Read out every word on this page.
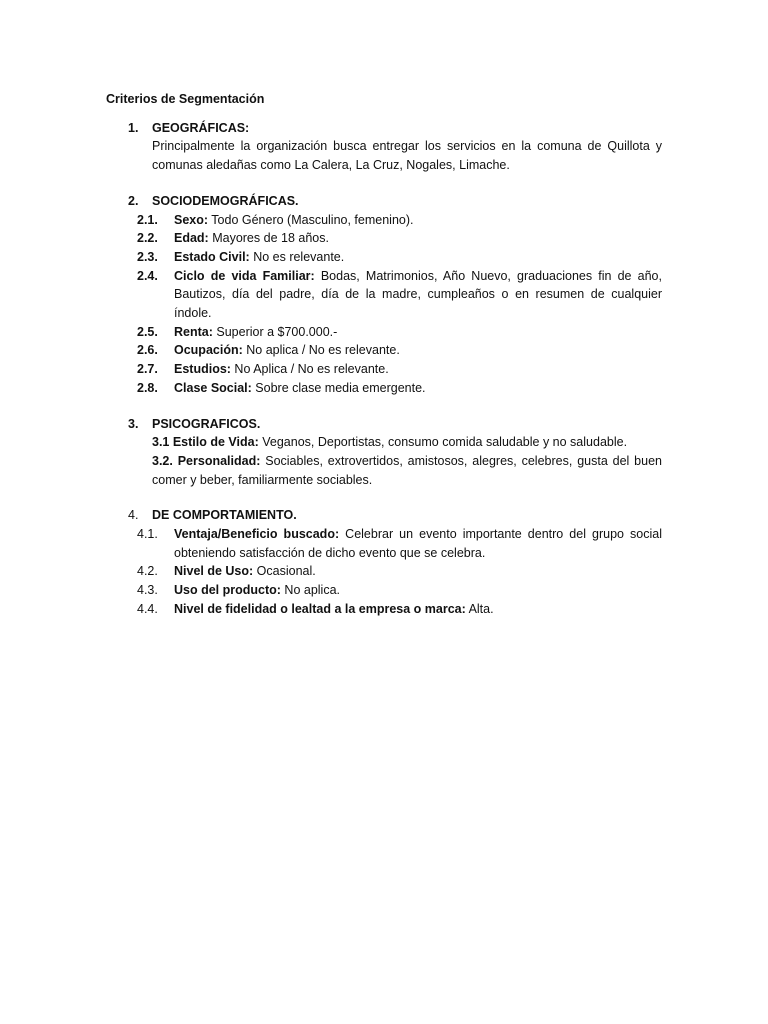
Criterios de Segmentación
1.	GEOGRÁFICAS:
Principalmente la organización busca entregar los servicios en la comuna de Quillota y comunas aledañas como La Calera, La Cruz, Nogales, Limache.
2.	SOCIODEMOGRÁFICAS.
2.1.	Sexo: Todo Género (Masculino, femenino).
2.2.	Edad: Mayores de 18 años.
2.3.	Estado Civil: No es relevante.
2.4.	Ciclo de vida Familiar: Bodas, Matrimonios, Año Nuevo, graduaciones fin de año, Bautizos, día del padre, día de la madre, cumpleaños o en resumen de cualquier índole.
2.5.	Renta: Superior a $700.000.-
2.6.	Ocupación: No aplica / No es relevante.
2.7.	Estudios: No Aplica / No es relevante.
2.8.	Clase Social: Sobre clase media emergente.
3.	PSICOGRAFICOS.
3.1 Estilo de Vida: Veganos, Deportistas, consumo comida saludable y no saludable.
3.2. Personalidad: Sociables, extrovertidos, amistosos, alegres, celebres, gusta del buen comer y beber, familiarmente sociables.
4.	DE COMPORTAMIENTO.
4.1.	Ventaja/Beneficio buscado: Celebrar un evento importante dentro del grupo social obteniendo satisfacción de dicho evento que se celebra.
4.2.	Nivel de Uso: Ocasional.
4.3.	Uso del producto: No aplica.
4.4.	Nivel de fidelidad o lealtad a la empresa o marca: Alta.
